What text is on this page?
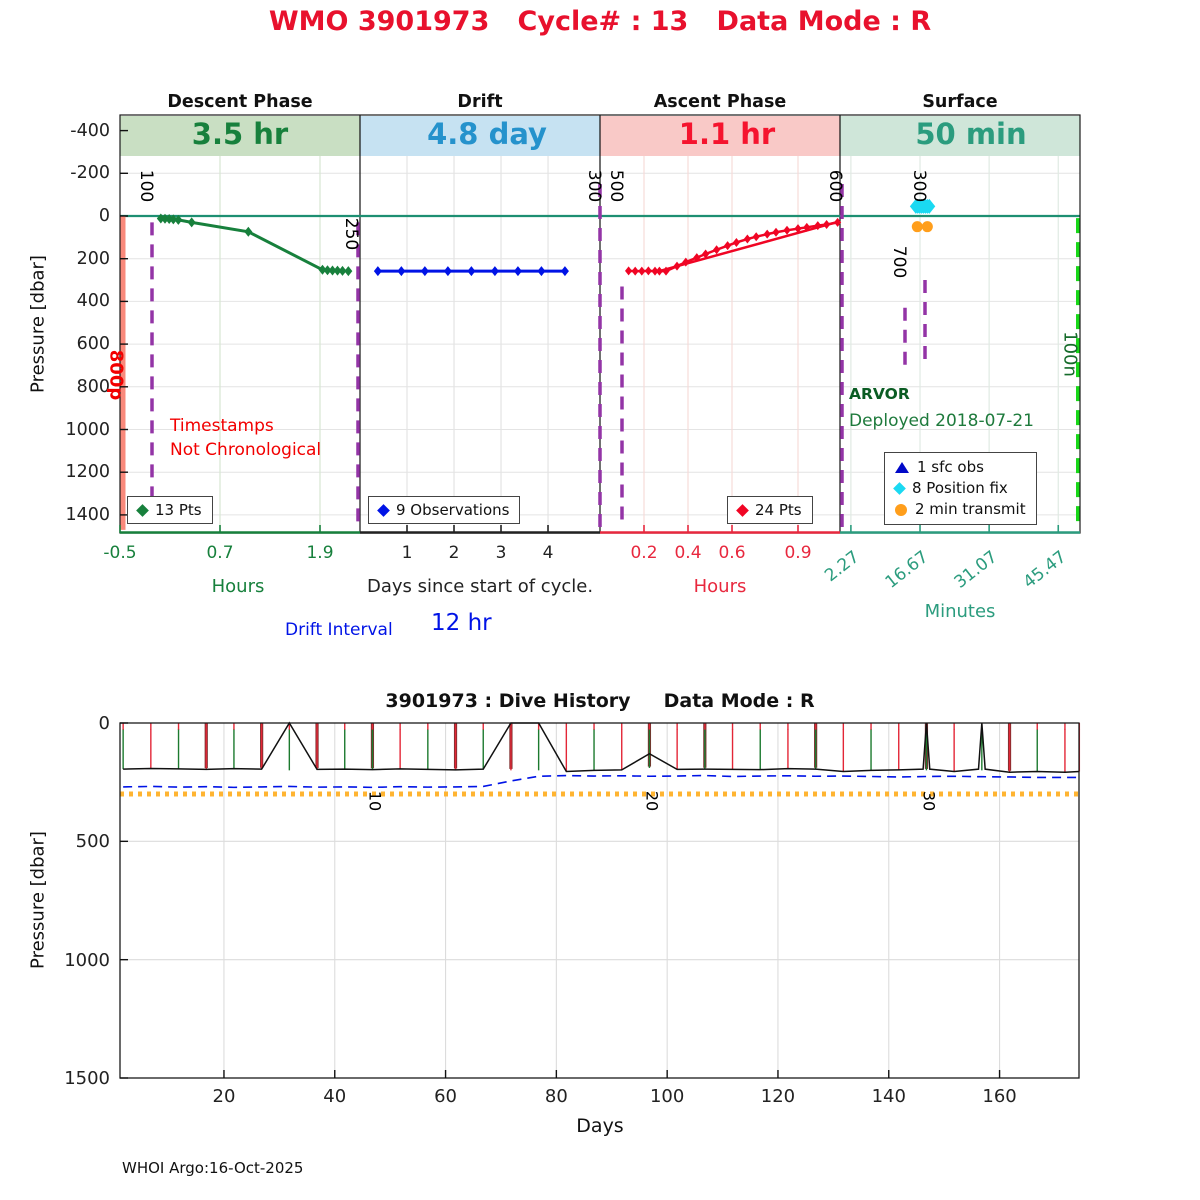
WMO 3901973   Cycle# : 13   Data Mode : R
Pressure [dbar]
Pressure [dbar]
Hours	Days since start of cycle.	Hours
Minutes
Timestamps
Not Chronological
ARVOR
Deployed 2018-07-21
Drift Interval 12 hr
13 Pts	9 Observations	24 Pts
1 sfc obs
8 Position fix
2 min transmit
3901973 : Dive History     Data Mode : R
Days
WHOI Argo:16-Oct-2025
-400
-200
0
200
400
600
800
1000
1200
1400
Descent Phase
3.5 hr
-0.5	0.7	1.9
Drift
4.8 day
1 2 3 4
Ascent Phase
1.1 hr
0.2 0.4 0.6 0.9
Surface
50 min
2.27 16.67 31.07 45.47
100
250
300 500	600
700
300
800p	100n
20	40	60	80	100	120	140	160
0
500
1000
1500
10	20	30
